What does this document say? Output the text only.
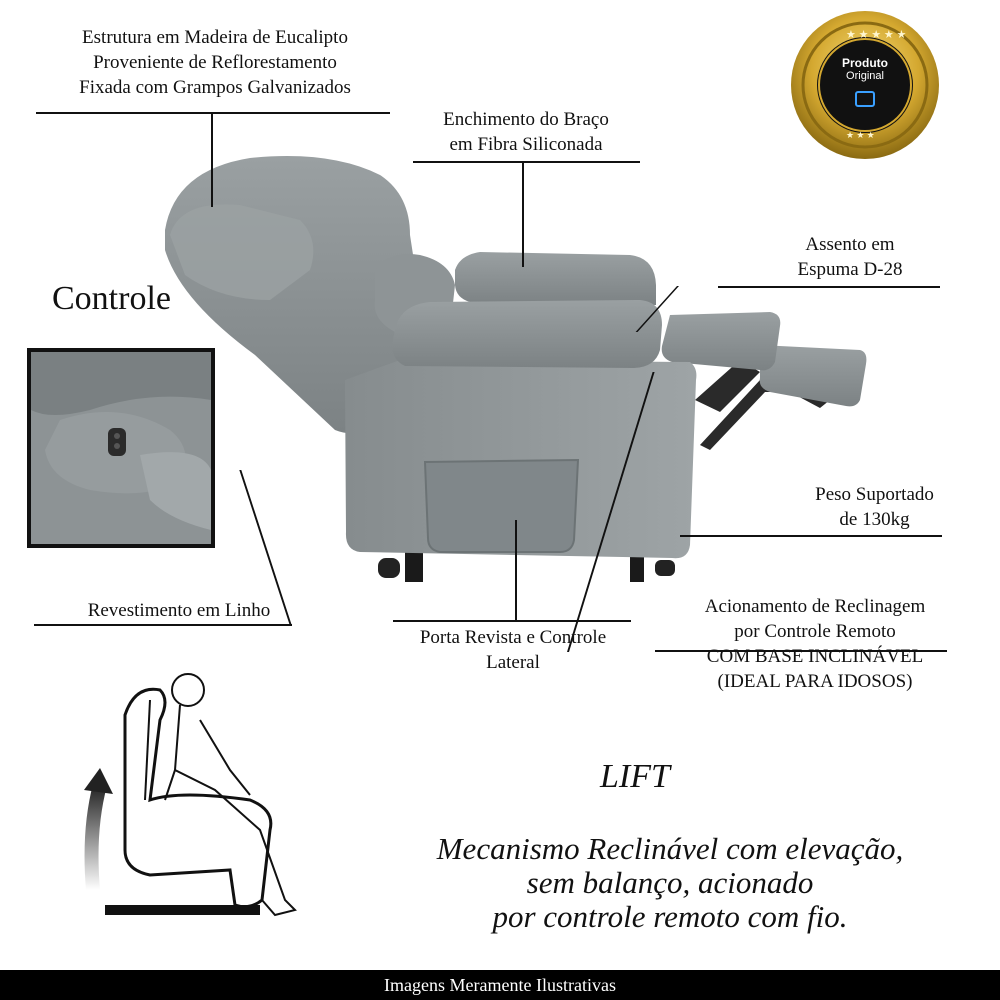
★ ★ ★ ★ ★
★ ★ ★
Estrutura em Madeira de Eucalipto
Proveniente de Reflorestamento
Fixada com Grampos Galvanizados
Enchimento do Braço
em Fibra Siliconada
Assento em
Espuma D-28
Controle
Peso Suportado
de 130kg
Revestimento em Linho
Porta Revista e Controle
Lateral
Acionamento de Reclinagem
por Controle Remoto
COM BASE INCLINÁVEL
(IDEAL PARA IDOSOS)
Produto
Original
LIFT
Mecanismo Reclinável com elevação,
sem balanço, acionado
por controle remoto com fio.
Imagens Meramente Ilustrativas
